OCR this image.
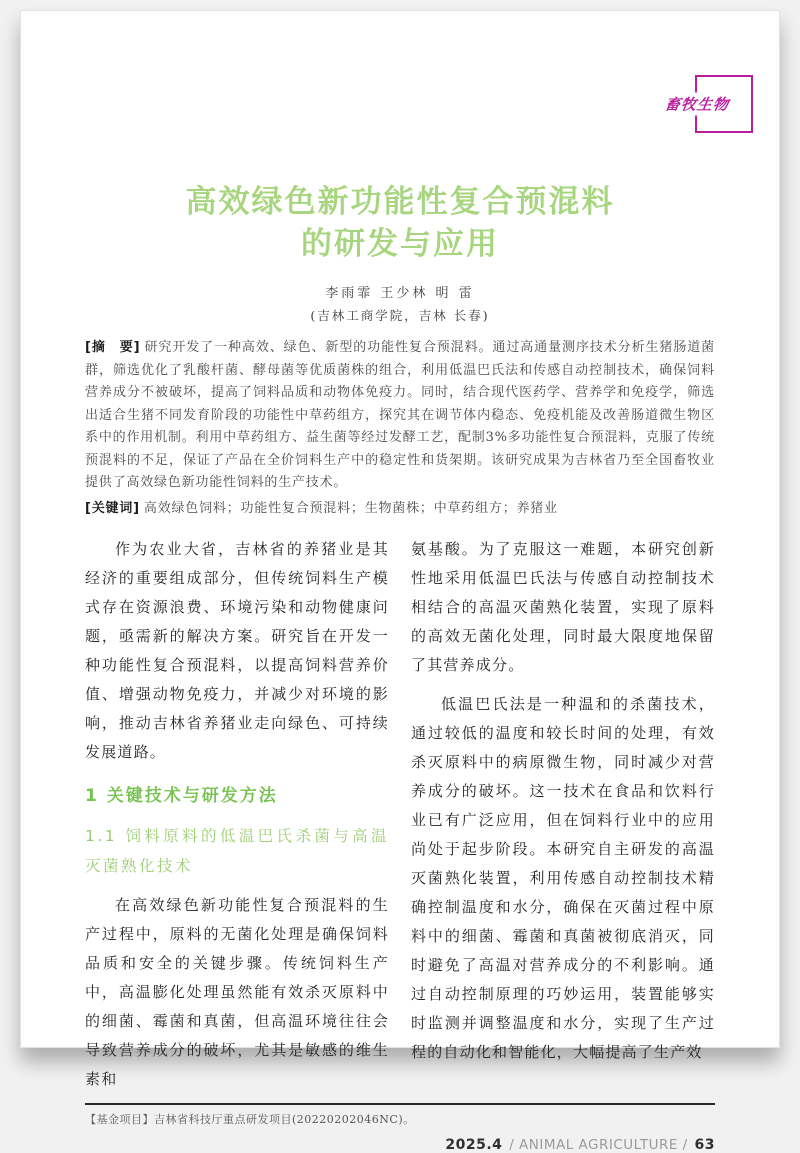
畜牧生物
高效绿色新功能性复合预混料
的研发与应用
李雨霏 王少林 明 雷
(吉林工商学院，吉林 长春)
[摘　要] 研究开发了一种高效、绿色、新型的功能性复合预混料。通过高通量测序技术分析生猪肠道菌群，筛选优化了乳酸杆菌、酵母菌等优质菌株的组合，利用低温巴氏法和传感自动控制技术，确保饲料营养成分不被破坏，提高了饲料品质和动物体免疫力。同时，结合现代医药学、营养学和免疫学，筛选出适合生猪不同发育阶段的功能性中草药组方，探究其在调节体内稳态、免疫机能及改善肠道微生物区系中的作用机制。利用中草药组方、益生菌等经过发酵工艺，配制3%多功能性复合预混料，克服了传统预混料的不足，保证了产品在全价饲料生产中的稳定性和货架期。该研究成果为吉林省乃至全国畜牧业提供了高效绿色新功能性饲料的生产技术。
[关键词] 高效绿色饲料；功能性复合预混料；生物菌株；中草药组方；养猪业

作为农业大省，吉林省的养猪业是其经济的重要组成部分，但传统饲料生产模式存在资源浪费、环境污染和动物健康问题，亟需新的解决方案。研究旨在开发一种功能性复合预混料，以提高饲料营养价值、增强动物免疫力，并减少对环境的影响，推动吉林省养猪业走向绿色、可持续发展道路。

1 关键技术与研发方法
1.1 饲料原料的低温巴氏杀菌与高温灭菌熟化技术

在高效绿色新功能性复合预混料的生产过程中，原料的无菌化处理是确保饲料品质和安全的关键步骤。传统饲料生产中，高温膨化处理虽然能有效杀灭原料中的细菌、霉菌和真菌，但高温环境往往会导致营养成分的破坏，尤其是敏感的维生素和

氨基酸。为了克服这一难题，本研究创新性地采用低温巴氏法与传感自动控制技术相结合的高温灭菌熟化装置，实现了原料的高效无菌化处理，同时最大限度地保留了其营养成分。

低温巴氏法是一种温和的杀菌技术，通过较低的温度和较长时间的处理，有效杀灭原料中的病原微生物，同时减少对营养成分的破坏。这一技术在食品和饮料行业已有广泛应用，但在饲料行业中的应用尚处于起步阶段。本研究自主研发的高温灭菌熟化装置，利用传感自动控制技术精确控制温度和水分，确保在灭菌过程中原料中的细菌、霉菌和真菌被彻底消灭，同时避免了高温对营养成分的不利影响。通过自动控制原理的巧妙运用，装置能够实时监测并调整温度和水分，实现了生产过程的自动化和智能化，大幅提高了生产效

【基金项目】吉林省科技厅重点研发项目(20220202046NC)。
2025.4 / ANIMAL AGRICULTURE / 63
